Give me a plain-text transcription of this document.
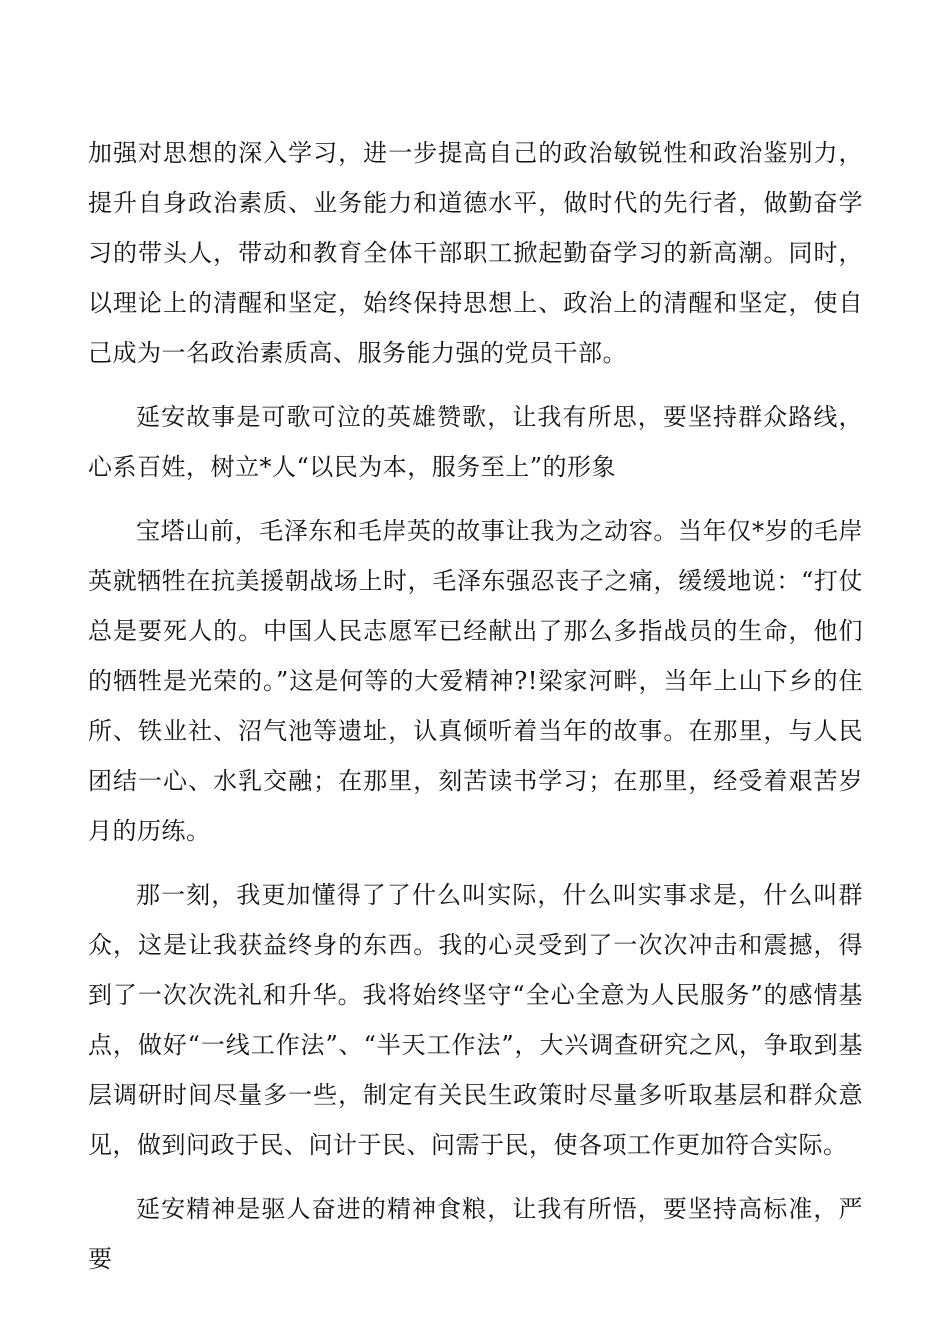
加强对思想的深入学习，进一步提高自己的政治敏锐性和政治鉴别力，提升自身政治素质、业务能力和道德水平，做时代的先行者，做勤奋学习的带头人，带动和教育全体干部职工掀起勤奋学习的新高潮。同时，以理论上的清醒和坚定，始终保持思想上、政治上的清醒和坚定，使自己成为一名政治素质高、服务能力强的党员干部。

延安故事是可歌可泣的英雄赞歌，让我有所思，要坚持群众路线，心系百姓，树立*人“以民为本，服务至上”的形象

宝塔山前，毛泽东和毛岸英的故事让我为之动容。当年仅*岁的毛岸英就牺牲在抗美援朝战场上时，毛泽东强忍丧子之痛，缓缓地说：“打仗总是要死人的。中国人民志愿军已经献出了那么多指战员的生命，他们的牺牲是光荣的。”这是何等的大爱精神?!梁家河畔，当年上山下乡的住所、铁业社、沼气池等遗址，认真倾听着当年的故事。在那里，与人民团结一心、水乳交融；在那里，刻苦读书学习；在那里，经受着艰苦岁月的历练。

那一刻，我更加懂得了了什么叫实际，什么叫实事求是，什么叫群众，这是让我获益终身的东西。我的心灵受到了一次次冲击和震撼，得到了一次次洗礼和升华。我将始终坚守“全心全意为人民服务”的感情基点，做好“一线工作法”、“半天工作法”，大兴调查研究之风，争取到基层调研时间尽量多一些，制定有关民生政策时尽量多听取基层和群众意见，做到问政于民、问计于民、问需于民，使各项工作更加符合实际。

延安精神是驱人奋进的精神食粮，让我有所悟，要坚持高标准，严要
